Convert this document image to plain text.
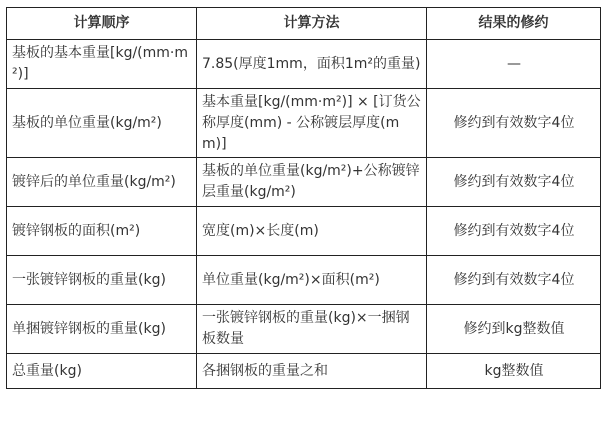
计算顺序	计算方法	结果的修约
基板的基本重量[kg/(mm·m²)]	7.85(厚度1mm，面积1m²的重量)	—
基板的单位重量(kg/m²)	基本重量[kg/(mm·m²)] × [订货公称厚度(mm) - 公称镀层厚度(mm)]	修约到有效数字4位
镀锌后的单位重量(kg/m²)	基板的单位重量(kg/m²)+公称镀锌层重量(kg/m²)	修约到有效数字4位
镀锌钢板的面积(m²)	宽度(m)×长度(m)	修约到有效数字4位
一张镀锌钢板的重量(kg)	单位重量(kg/m²)×面积(m²)	修约到有效数字4位
单捆镀锌钢板的重量(kg)	一张镀锌钢板的重量(kg)×一捆钢板数量	修约到kg整数值
总重量(kg)	各捆钢板的重量之和	kg整数值
